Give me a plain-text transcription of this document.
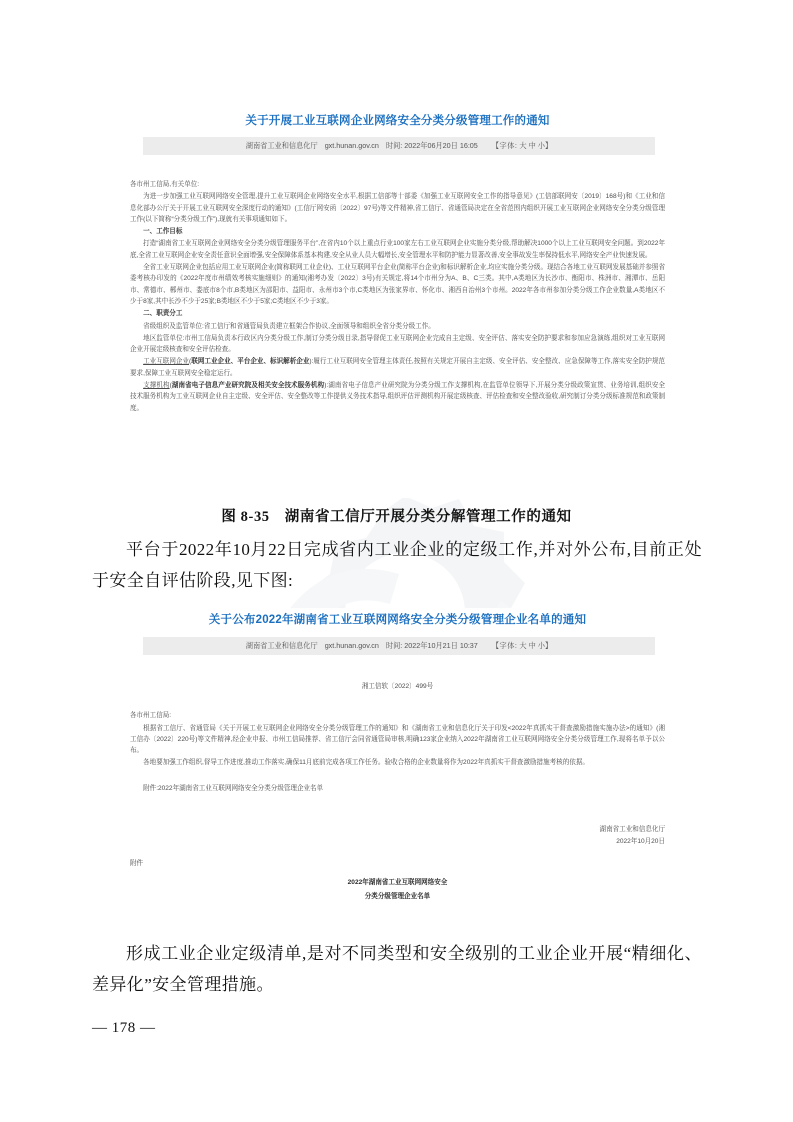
关于开展工业互联网企业网络安全分类分级管理工作的通知
湖南省工业和信息化厅 gxt.hunan.gov.cn 时间: 2022年06月20日 16:05 【字体: 大 中 小】

各市州工信局,有关单位:

为进一步加强工业互联网网络安全管理,提升工业互联网企业网络安全水平,根据工信部等十部委《加强工业互联网安全工作的指导意见》(工信部联网安〔2019〕168号)和《工业和信息化部办公厅关于开展工业互联网安全深度行动的通知》(工信厅网安函〔2022〕97号)等文件精神,省工信厅、省通管局决定在全省范围内组织开展工业互联网企业网络安全分类分级管理工作(以下简称“分类分级工作”),现就有关事项通知如下。

一、工作目标

打造“湖南省工业互联网企业网络安全分类分级管理服务平台”,在省内10个以上重点行业100家左右工业互联网企业实施分类分级,帮助解决1000个以上工业互联网安全问题。到2022年底,全省工业互联网企业安全责任意识全面增强,安全保障体系基本构建,安全从业人员大幅增长,安全管理水平和防护能力显著改善,安全事故发生率保持低水平,网络安全产业快速发展。

全省工业互联网企业包括应用工业互联网企业(简称联网工业企业)、工业互联网平台企业(简称平台企业)和标识解析企业,均应实施分类分级。现结合各地工业互联网发展基础并参照省委考核办印发的《2022年度市州绩效考核实施细则》的通知(湘考办发〔2022〕3号)有关规定,将14个市州分为A、B、C三类。其中,A类地区为长沙市、衡阳市、株洲市、湘潭市、岳阳市、常德市、郴州市、娄底市8个市,B类地区为邵阳市、益阳市、永州市3个市,C类地区为张家界市、怀化市、湘西自治州3个市州。2022年各市州参加分类分级工作企业数量,A类地区不少于8家,其中长沙不少于25家;B类地区不少于5家;C类地区不少于3家。

二、职责分工

省级组织及监管单位:省工信厅和省通管局负责建立框架合作协议,全面领导和组织全省分类分级工作。

地区监管单位:市州工信局负责本行政区内分类分级工作,制订分类分级目录,指导督促工业互联网企业完成自主定级、安全评估、落实安全防护要求和参加应急演练,组织对工业互联网企业开展定级核查和安全评估检查。

工业互联网企业(联网工业企业、平台企业、标识解析企业):履行工业互联网安全管理主体责任,按照有关规定开展自主定级、安全评估、安全整改、应急保障等工作,落实安全防护规范要求,保障工业互联网安全稳定运行。

支撑机构(湖南省电子信息产业研究院及相关安全技术服务机构):湖南省电子信息产业研究院为分类分级工作支撑机构,在监管单位领导下,开展分类分级政策宣贯、业务培训,组织安全技术服务机构为工业互联网企业自主定级、安全评估、安全整改等工作提供义务技术指导,组织评估评测机构开展定级核查、评估检查和安全整改验收,研究制订分类分级标准规范和政策制度。

图 8-35　湖南省工信厅开展分类分解管理工作的通知
平台于2022年10月22日完成省内工业企业的定级工作,并对外公布,目前正处于安全自评估阶段,见下图:
关于公布2022年湖南省工业互联网网络安全分类分级管理企业名单的通知
湖南省工业和信息化厅 gxt.hunan.gov.cn 时间: 2022年10月21日 10:37 【字体: 大 中 小】

湘工信软〔2022〕499号

各市州工信局:

根据省工信厅、省通管局《关于开展工业互联网企业网络安全分类分级管理工作的通知》和《湖南省工业和信息化厅关于印发<2022年真抓实干督查激励措施实施办法>的通知》(湘工信办〔2022〕220号)等文件精神,经企业申报、市州工信局推荐、省工信厅会同省通管局审核,明确123家企业纳入2022年湖南省工业互联网网络安全分类分级管理工作,现将名单予以公布。

各地要加强工作组织,督导工作进度,推动工作落实,确保11月底前完成各项工作任务。验收合格的企业数量将作为2022年真抓实干督查激励措施考核的依据。

附件:2022年湖南省工业互联网网络安全分类分级管理企业名单

湖南省工业和信息化厅

2022年10月20日

附件

2022年湖南省工业互联网网络安全

分类分级管理企业名单

形成工业企业定级清单,是对不同类型和安全级别的工业企业开展“精细化、差异化”安全管理措施。
— 178 —
